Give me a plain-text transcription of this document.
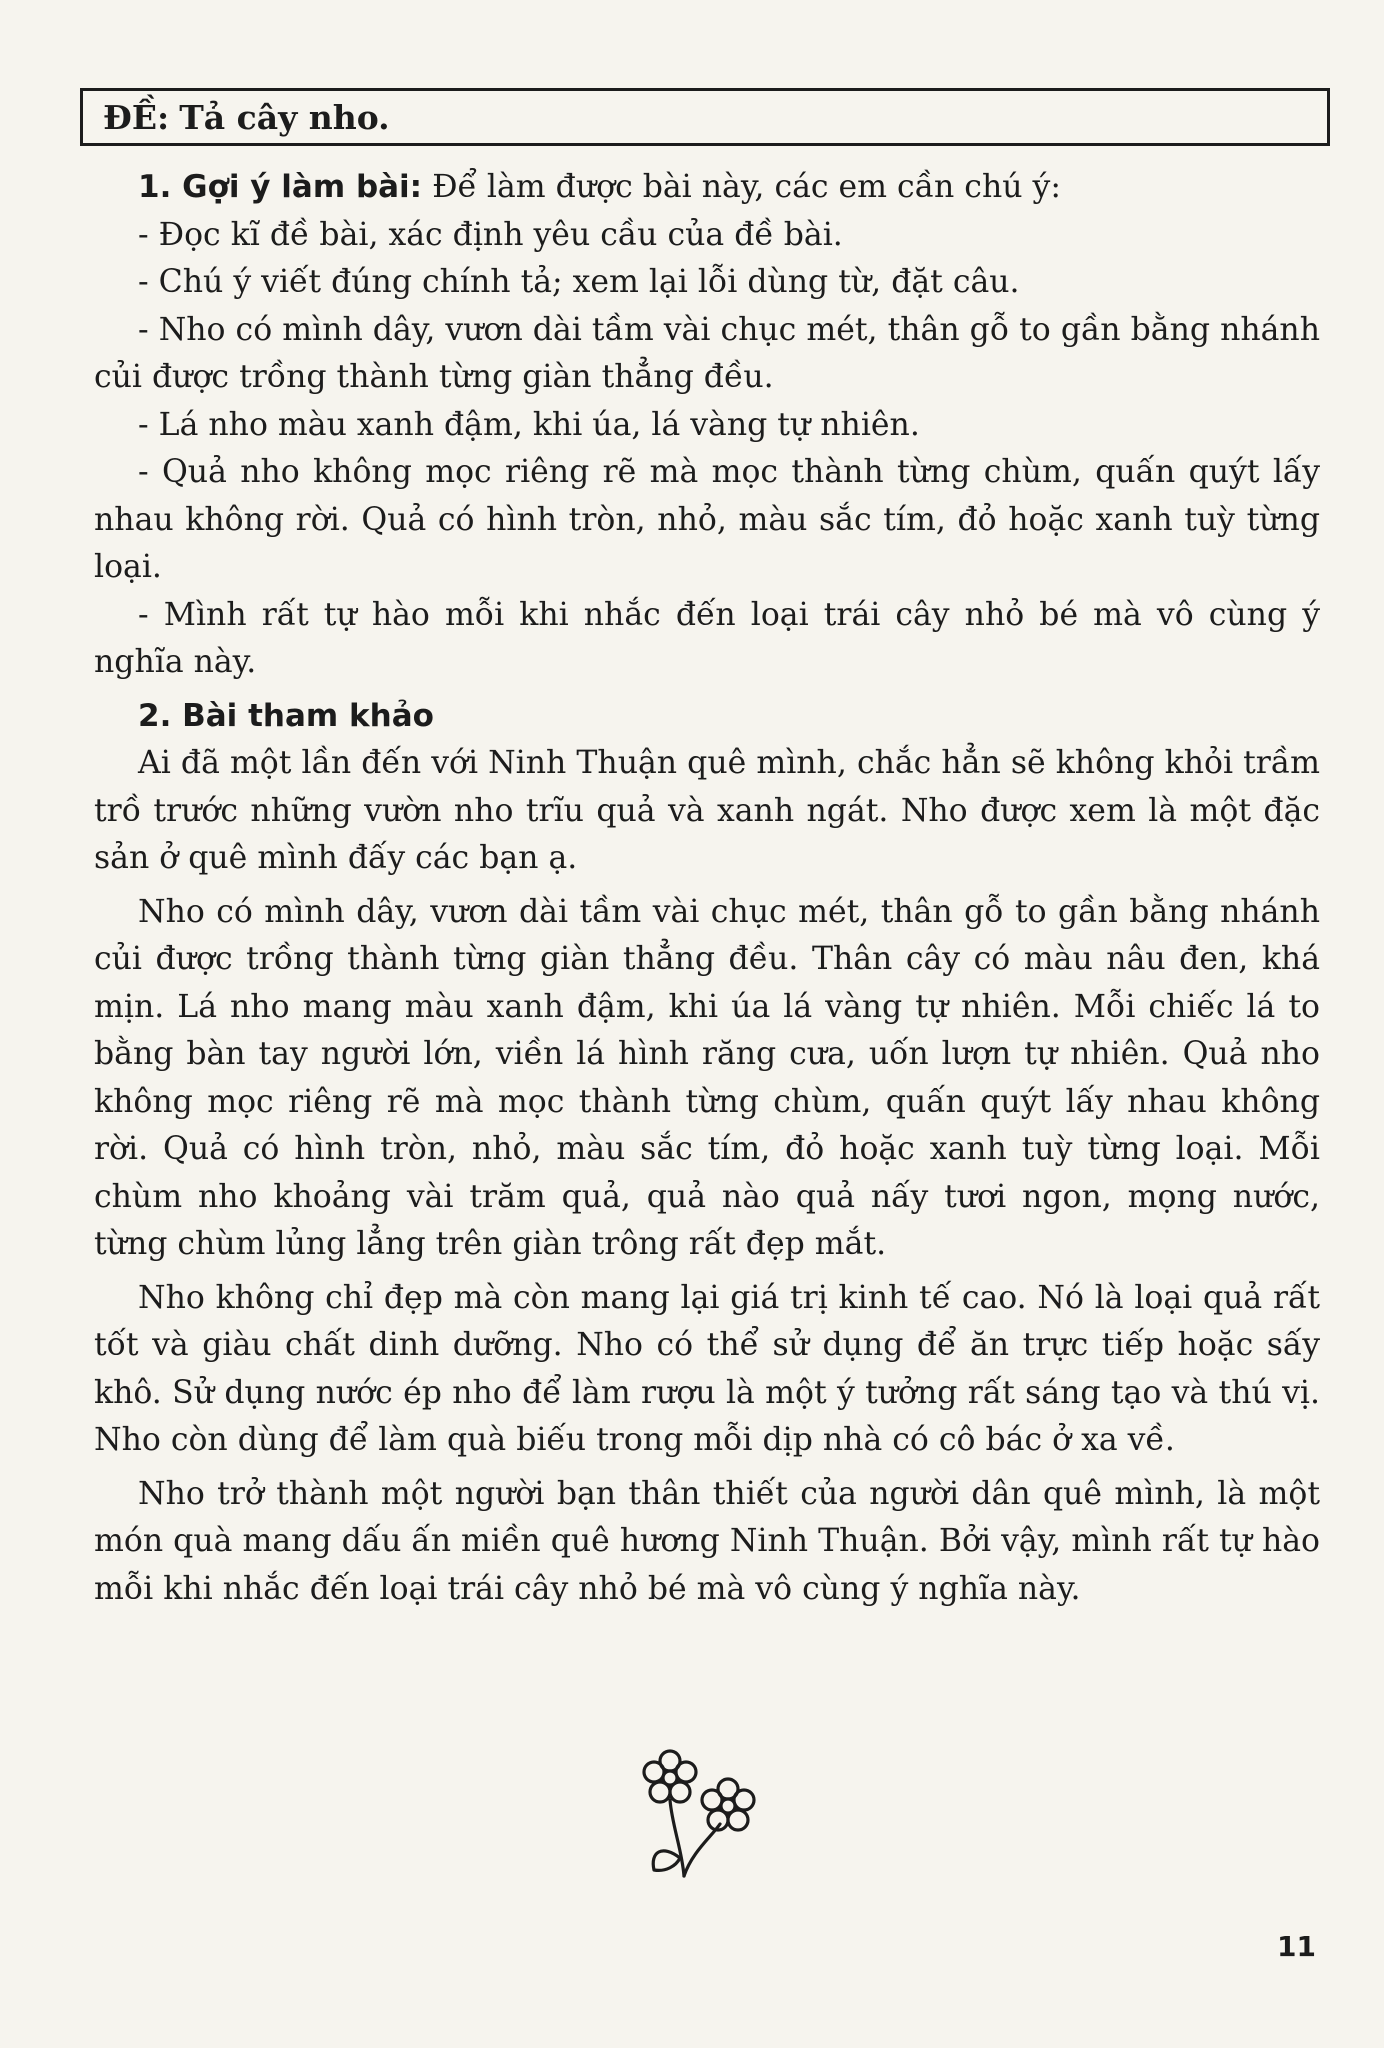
ĐỀ: Tả cây nho.

1. Gợi ý làm bài: Để làm được bài này, các em cần chú ý:

- Đọc kĩ đề bài, xác định yêu cầu của đề bài.

- Chú ý viết đúng chính tả; xem lại lỗi dùng từ, đặt câu.

- Nho có mình dây, vươn dài tầm vài chục mét, thân gỗ to gần bằng nhánh củi được trồng thành từng giàn thẳng đều.

- Lá nho màu xanh đậm, khi úa, lá vàng tự nhiên.

- Quả nho không mọc riêng rẽ mà mọc thành từng chùm, quấn quýt lấy nhau không rời. Quả có hình tròn, nhỏ, màu sắc tím, đỏ hoặc xanh tuỳ từng loại.

- Mình rất tự hào mỗi khi nhắc đến loại trái cây nhỏ bé mà vô cùng ý nghĩa này.

2. Bài tham khảo

Ai đã một lần đến với Ninh Thuận quê mình, chắc hẳn sẽ không khỏi trầm trồ trước những vườn nho trĩu quả và xanh ngát. Nho được xem là một đặc sản ở quê mình đấy các bạn ạ.

Nho có mình dây, vươn dài tầm vài chục mét, thân gỗ to gần bằng nhánh củi được trồng thành từng giàn thẳng đều. Thân cây có màu nâu đen, khá mịn. Lá nho mang màu xanh đậm, khi úa lá vàng tự nhiên. Mỗi chiếc lá to bằng bàn tay người lớn, viền lá hình răng cưa, uốn lượn tự nhiên. Quả nho không mọc riêng rẽ mà mọc thành từng chùm, quấn quýt lấy nhau không rời. Quả có hình tròn, nhỏ, màu sắc tím, đỏ hoặc xanh tuỳ từng loại. Mỗi chùm nho khoảng vài trăm quả, quả nào quả nấy tươi ngon, mọng nước, từng chùm lủng lẳng trên giàn trông rất đẹp mắt.

Nho không chỉ đẹp mà còn mang lại giá trị kinh tế cao. Nó là loại quả rất tốt và giàu chất dinh dưỡng. Nho có thể sử dụng để ăn trực tiếp hoặc sấy khô. Sử dụng nước ép nho để làm rượu là một ý tưởng rất sáng tạo và thú vị. Nho còn dùng để làm quà biếu trong mỗi dịp nhà có cô bác ở xa về.

Nho trở thành một người bạn thân thiết của người dân quê mình, là một món quà mang dấu ấn miền quê hương Ninh Thuận. Bởi vậy, mình rất tự hào mỗi khi nhắc đến loại trái cây nhỏ bé mà vô cùng ý nghĩa này.

11
